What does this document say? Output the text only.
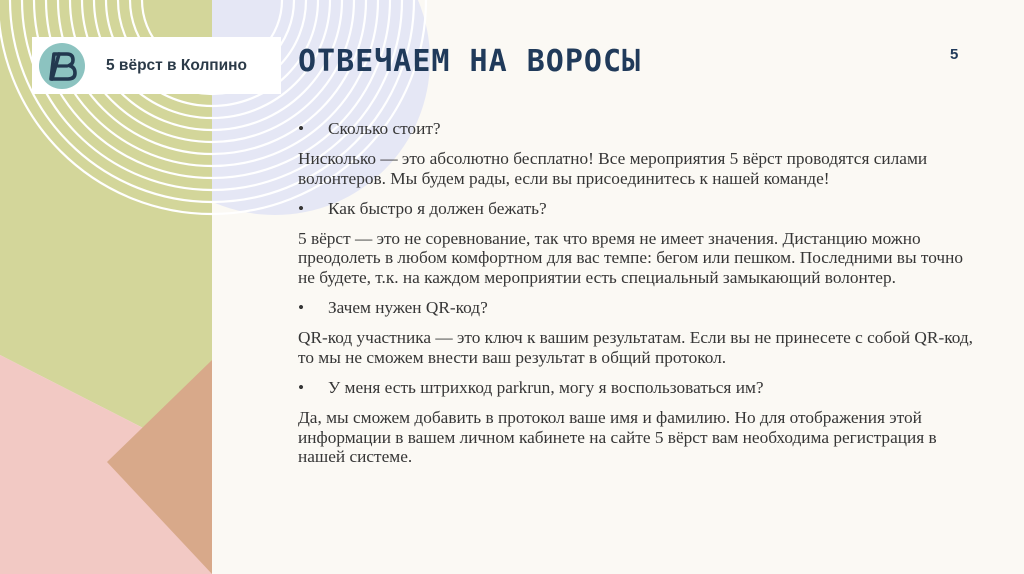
5 вёрст в Колпино ОТВЕЧАЕМ НА ВОРОСЫ	5
•	Сколько стоит?

Нисколько — это абсолютно бесплатно! Все мероприятия 5 вёрст проводятся силами волонтеров. Мы будем рады, если вы присоединитесь к нашей команде!

•	Как быстро я должен бежать?

5 вёрст — это не соревнование, так что время не имеет значения. Дистанцию можно преодолеть в любом комфортном для вас темпе: бегом или пешком. Последними вы точно не будете, т.к. на каждом мероприятии есть специальный замыкающий волонтер.

•	Зачем нужен QR-код?

QR-код участника — это ключ к вашим результатам. Если вы не принесете с собой QR-код, то мы не сможем внести ваш результат в общий протокол.

•	У меня есть штрихкод parkrun, могу я воспользоваться им?

Да, мы сможем добавить в протокол ваше имя и фамилию. Но для отображения этой информации в вашем личном кабинете на сайте 5 вёрст вам необходима регистрация в нашей системе.
